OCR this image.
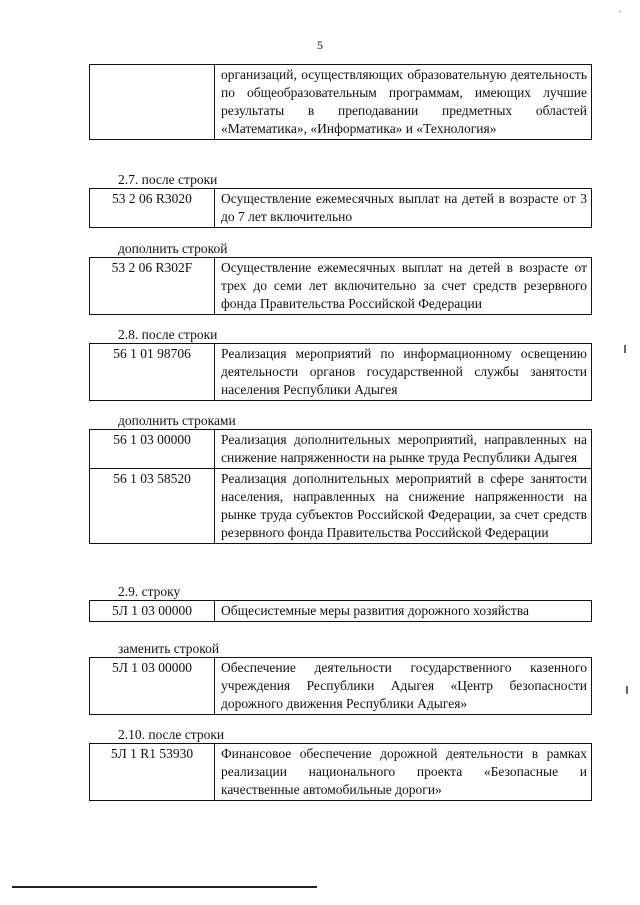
5
ˋ
	организаций, осуществляющих образовательную деятельность по общеобразовательным программам, имеющих лучшие результаты в преподавании предметных областей «Математика», «Информатика» и «Технология»
2.7. после строки
53 2 06 R3020	Осуществление ежемесячных выплат на детей в возрасте от 3 до 7 лет включительно
дополнить строкой
53 2 06 R302F	Осуществление ежемесячных выплат на детей в возрасте от трех до семи лет включительно за счет средств резервного фонда Правительства Российской Федерации
2.8. после строки
56 1 01 98706	Реализация мероприятий по информационному освещению деятельности органов государственной службы занятости населения Республики Адыгея
дополнить строками
56 1 03 00000	Реализация дополнительных мероприятий, направленных на снижение напряженности на рынке труда Республики Адыгея
56 1 03 58520	Реализация дополнительных мероприятий в сфере занятости населения, направленных на снижение напряженности на рынке труда субъектов Российской Федерации, за счет средств резервного фонда Правительства Российской Федерации
2.9. строку
5Л 1 03 00000	Общесистемные меры развития дорожного хозяйства
заменить строкой
5Л 1 03 00000	Обеспечение деятельности государственного казенного учреждения Республики Адыгея «Центр безопасности дорожного движения Республики Адыгея»
2.10. после строки
5Л 1 R1 53930	Финансовое обеспечение дорожной деятельности в рамках реализации национального проекта «Безопасные и качественные автомобильные дороги»
